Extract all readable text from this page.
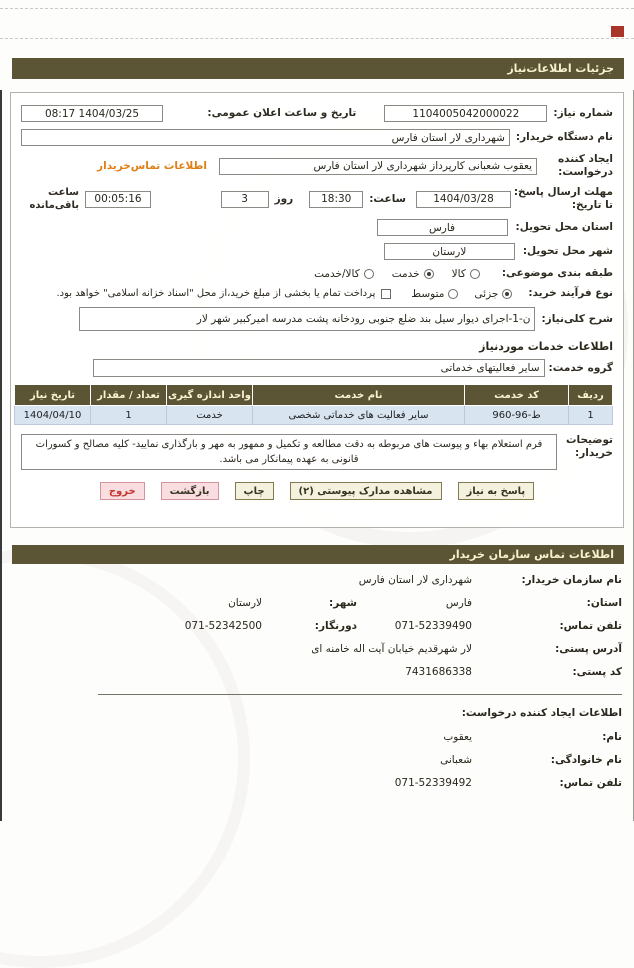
جزئیات اطلاعات‌نیاز
شماره نیاز:
1104005042000022
تاریخ و ساعت اعلان عمومی:
1404/03/25 08:17
نام دستگاه خریدار:
شهرداری لار استان فارس
ایجاد کننده درخواست:
یعقوب شعبانی کارپرداز شهرداری لار استان فارس
اطلاعات تماس‌خریدار
مهلت ارسال پاسخ: تا تاریخ:
1404/03/28
ساعت:
18:30
روز
3
00:05:16
ساعت باقی‌مانده
استان محل تحویل:
فارس
شهر محل تحویل:
لارستان
طبقه بندی موضوعی:
کالا
خدمت
کالا/خدمت
نوع فرآیند خرید:
جزئی
متوسط
پرداخت تمام یا بخشی از مبلغ خرید،از محل "اسناد خزانه اسلامی" خواهد بود.
شرح کلی‌نیاز:
ن-1-اجرای دیوار سیل بند ضلع جنوبی رودخانه پشت مدرسه امیرکبیر شهر لار
اطلاعات خدمات موردنیاز
گروه خدمت:
سایر فعالیتهای خدماتی
ردیف	کد خدمت	نام خدمت	واحد اندازه گیری	تعداد / مقدار	تاریخ نیاز
1	ط-96-960	سایر فعالیت های خدماتی شخصی	خدمت	1	1404/04/10
توضیحات خریدار:
فرم استعلام بهاء و پیوست های مربوطه به دقت مطالعه و تکمیل و ممهور به مهر و بارگذاری نمایید- کلیه مصالح و کسورات قانونی به عهده پیمانکار می باشد.
پاسخ به نیاز
مشاهده مدارک پیوستی (۲)
چاپ
بازگشت
خروج
اطلاعات تماس سازمان خریدار
نام سازمان خریدار:
شهرداری لار استان فارس
استان:
فارس
شهر:
لارستان
تلفن تماس:
071-52339490
دورنگار:
071-52342500
آدرس پستی:
لار شهرقدیم خیابان آیت اله خامنه ای
کد پستی:
7431686338
اطلاعات ایجاد کننده درخواست:
نام:
یعقوب
نام خانوادگی:
شعبانی
تلفن تماس:
071-52339492
